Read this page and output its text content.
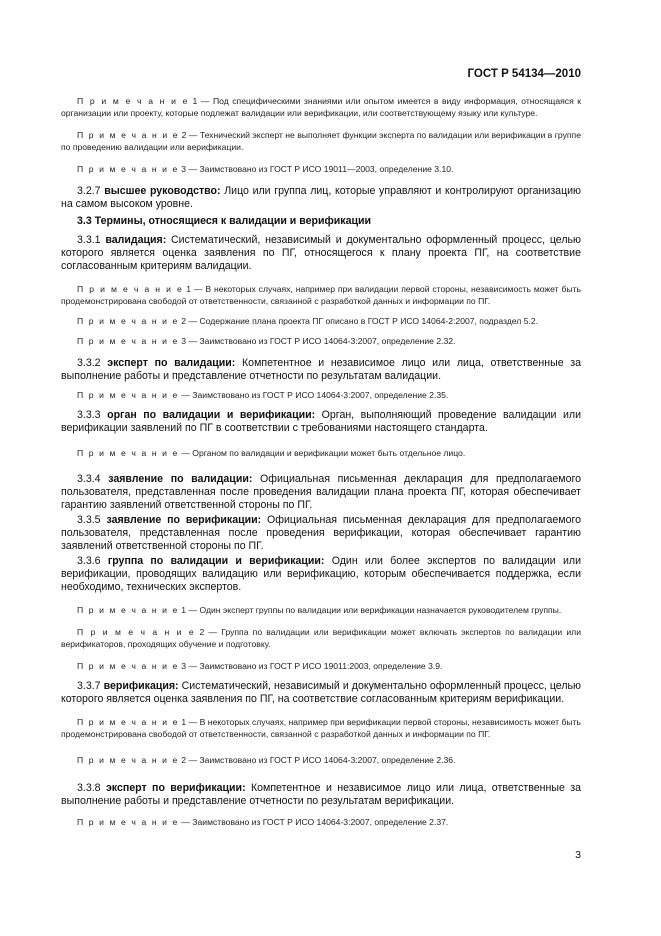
ГОСТ Р 54134—2010

П р и м е ч а н и е 1 — Под специфическими знаниями или опытом имеется в виду информация, относящаяся к организации или проекту, которые подлежат валидации или верификации, или соответствующему языку или культуре.

П р и м е ч а н и е 2 — Технический эксперт не выполняет функции эксперта по валидации или верификации в группе по проведению валидации или верификации.

П р и м е ч а н и е 3 — Заимствовано из ГОСТ Р ИСО 19011—2003, определение 3.10.

3.2.7 высшее руководство: Лицо или группа лиц, которые управляют и контролируют организацию на самом высоком уровне.

3.3 Термины, относящиеся к валидации и верификации

3.3.1 валидация: Систематический, независимый и документально оформленный процесс, целью которого является оценка заявления по ПГ, относящегося к плану проекта ПГ, на соответствие согласованным критериям валидации.

П р и м е ч а н и е 1 — В некоторых случаях, например при валидации первой стороны, независимость может быть продемонстрирована свободой от ответственности, связанной с разработкой данных и информации по ПГ.

П р и м е ч а н и е 2 — Содержание плана проекта ПГ описано в ГОСТ Р ИСО 14064-2:2007, подраздел 5.2.

П р и м е ч а н и е 3 — Заимствовано из ГОСТ Р ИСО 14064-3:2007, определение 2.32.

3.3.2 эксперт по валидации: Компетентное и независимое лицо или лица, ответственные за выполнение работы и представление отчетности по результатам валидации.

П р и м е ч а н и е — Заимствовано из ГОСТ Р ИСО 14064-3:2007, определение 2.35.

3.3.3 орган по валидации и верификации: Орган, выполняющий проведение валидации или верификации заявлений по ПГ в соответствии с требованиями настоящего стандарта.

П р и м е ч а н и е — Органом по валидации и верификации может быть отдельное лицо.

3.3.4 заявление по валидации: Официальная письменная декларация для предполагаемого пользователя, представленная после проведения валидации плана проекта ПГ, которая обеспечивает гарантию заявлений ответственной стороны по ПГ.

3.3.5 заявление по верификации: Официальная письменная декларация для предполагаемого пользователя, представленная после проведения верификации, которая обеспечивает гарантию заявлений ответственной стороны по ПГ.

3.3.6 группа по валидации и верификации: Один или более экспертов по валидации или верификации, проводящих валидацию или верификацию, которым обеспечивается поддержка, если необходимо, технических экспертов.

П р и м е ч а н и е 1 — Один эксперт группы по валидации или верификации назначается руководителем группы.

П р и м е ч а н и е 2 — Группа по валидации или верификации может включать экспертов по валидации или верификаторов, проходящих обучение и подготовку.

П р и м е ч а н и е 3 — Заимствовано из ГОСТ Р ИСО 19011:2003, определение 3.9.

3.3.7 верификация: Систематический, независимый и документально оформленный процесс, целью которого является оценка заявления по ПГ, на соответствие согласованным критериям верификации.

П р и м е ч а н и е 1 — В некоторых случаях, например при верификации первой стороны, независимость может быть продемонстрирована свободой от ответственности, связанной с разработкой данных и информации по ПГ.

П р и м е ч а н и е 2 — Заимствовано из ГОСТ Р ИСО 14064-3:2007, определение 2.36.

3.3.8 эксперт по верификации: Компетентное и независимое лицо или лица, ответственные за выполнение работы и представление отчетности по результатам верификации.

П р и м е ч а н и е — Заимствовано из ГОСТ Р ИСО 14064-3:2007, определение 2.37.

3
